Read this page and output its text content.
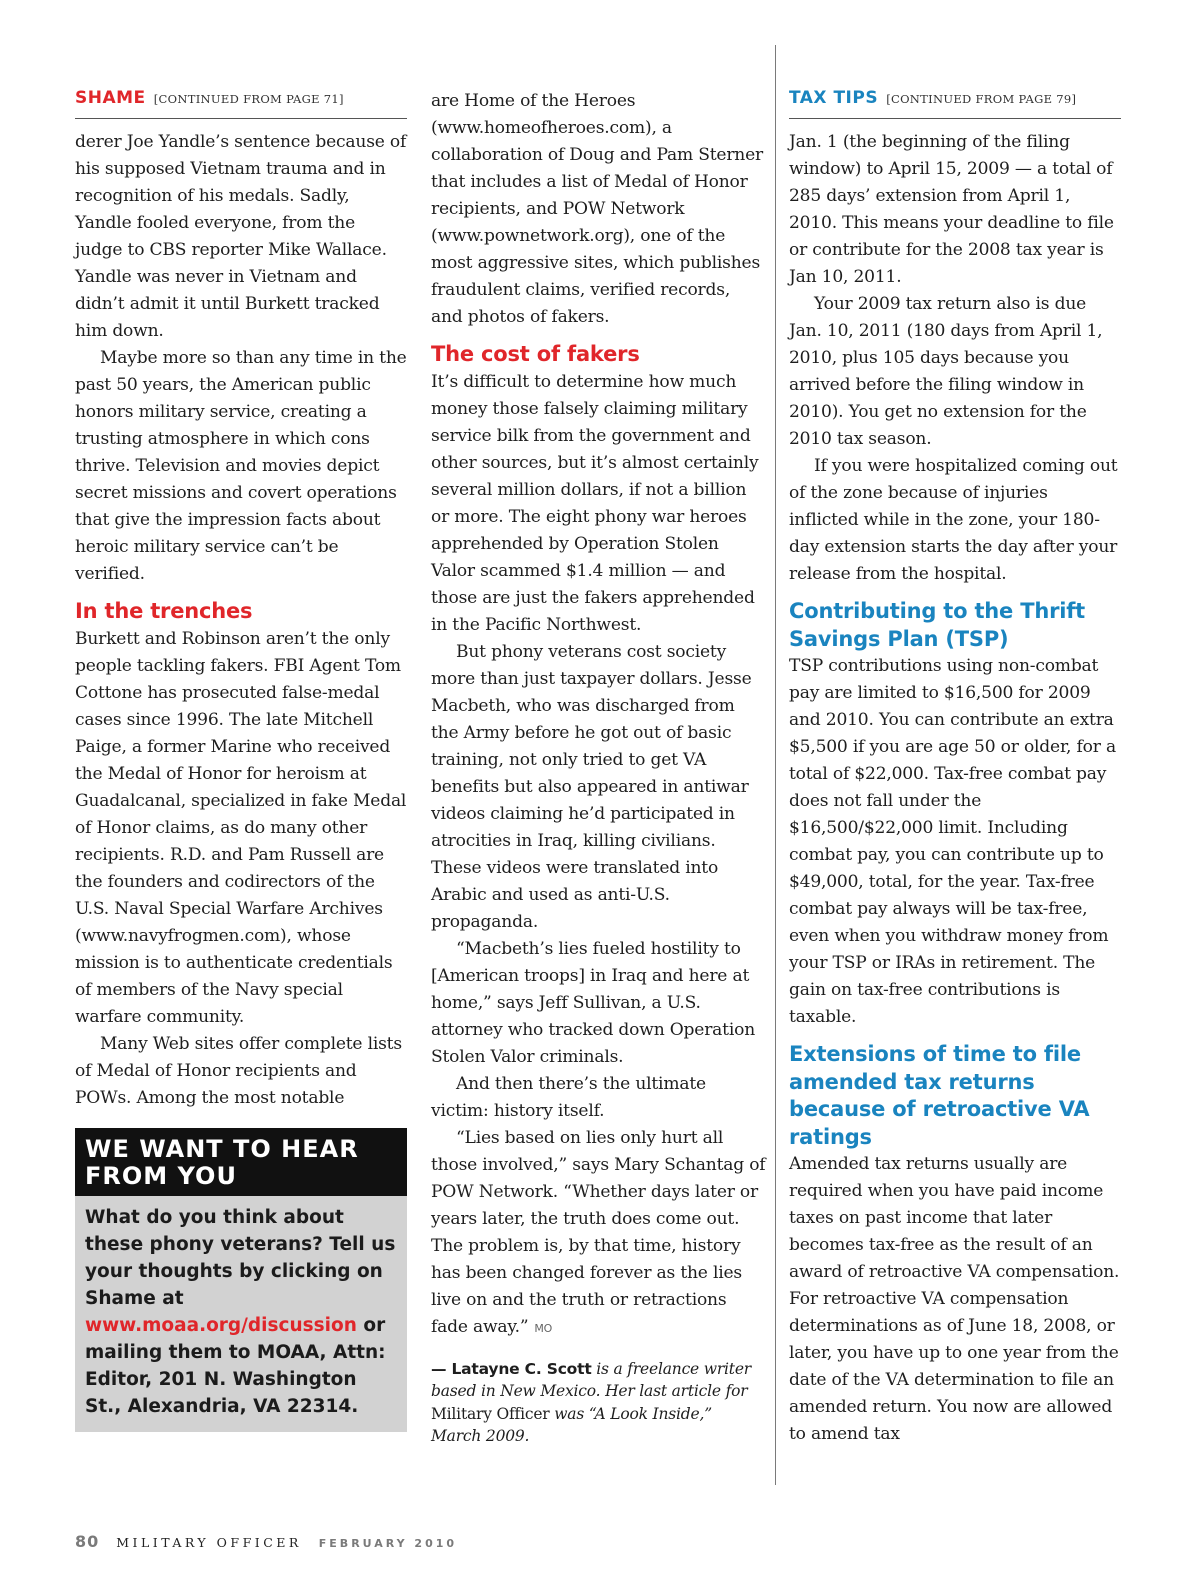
SHAME [CONTINUED FROM PAGE 71]

derer Joe Yandle’s sentence because of his supposed Vietnam trauma and in recognition of his medals. Sadly, Yandle fooled everyone, from the judge to CBS reporter Mike Wallace. Yandle was never in Vietnam and didn’t admit it until Burkett tracked him down.

Maybe more so than any time in the past 50 years, the American public honors military service, creating a trusting atmosphere in which cons thrive. Television and movies depict secret missions and covert operations that give the impression facts about heroic military service can’t be verified.

In the trenches

Burkett and Robinson aren’t the only people tackling fakers. FBI Agent Tom Cottone has prosecuted false-medal cases since 1996. The late Mitchell Paige, a former Marine who received the Medal of Honor for heroism at Guadalcanal, specialized in fake Medal of Honor claims, as do many other recipients. R.D. and Pam Russell are the founders and codirectors of the U.S. Naval Special Warfare Archives (www.navyfrogmen.com), whose mission is to authenticate credentials of members of the Navy special warfare community.

Many Web sites offer complete lists of Medal of Honor recipients and POWs. Among the most notable

WE WANT TO HEAR FROM YOU
What do you think about these phony veterans? Tell us your thoughts by clicking on Shame at www.moaa.org/discussion or mailing them to MOAA, Attn: Editor, 201 N. Washington St., Alexandria, VA 22314.

are Home of the Heroes (www.homeofheroes.com), a collaboration of Doug and Pam Sterner that includes a list of Medal of Honor recipients, and POW Network (www.pownetwork.org), one of the most aggressive sites, which publishes fraudulent claims, verified records, and photos of fakers.

The cost of fakers

It’s difficult to determine how much money those falsely claiming military service bilk from the government and other sources, but it’s almost certainly several million dollars, if not a billion or more. The eight phony war heroes apprehended by Operation Stolen Valor scammed $1.4 million — and those are just the fakers apprehended in the Pacific Northwest.

But phony veterans cost society more than just taxpayer dollars. Jesse Macbeth, who was discharged from the Army before he got out of basic training, not only tried to get VA benefits but also appeared in antiwar videos claiming he’d participated in atrocities in Iraq, killing civilians. These videos were translated into Arabic and used as anti-U.S. propaganda.

“Macbeth’s lies fueled hostility to [American troops] in Iraq and here at home,” says Jeff Sullivan, a U.S. attorney who tracked down Operation Stolen Valor criminals.

And then there’s the ultimate victim: history itself.

“Lies based on lies only hurt all those involved,” says Mary Schantag of POW Network. “Whether days later or years later, the truth does come out. The problem is, by that time, history has been changed forever as the lies live on and the truth or retractions fade away.” MO

— Latayne C. Scott is a freelance writer based in New Mexico. Her last article for Military Officer was “A Look Inside,” March 2009.
TAX TIPS [CONTINUED FROM PAGE 79]

Jan. 1 (the beginning of the filing window) to April 15, 2009 — a total of 285 days’ extension from April 1, 2010. This means your deadline to file or contribute for the 2008 tax year is Jan 10, 2011.

Your 2009 tax return also is due Jan. 10, 2011 (180 days from April 1, 2010, plus 105 days because you arrived before the filing window in 2010). You get no extension for the 2010 tax season.

If you were hospitalized coming out of the zone because of injuries inflicted while in the zone, your 180-day extension starts the day after your release from the hospital.

Contributing to the Thrift Savings Plan (TSP)

TSP contributions using non-combat pay are limited to $16,500 for 2009 and 2010. You can contribute an extra $5,500 if you are age 50 or older, for a total of $22,000. Tax-free combat pay does not fall under the $16,500/$22,000 limit. Including combat pay, you can contribute up to $49,000, total, for the year. Tax-free combat pay always will be tax-free, even when you withdraw money from your TSP or IRAs in retirement. The gain on tax-free contributions is taxable.

Extensions of time to file amended tax returns because of retroactive VA ratings

Amended tax returns usually are required when you have paid income taxes on past income that later becomes tax-free as the result of an award of retroactive VA compensation. For retroactive VA compensation determinations as of June 18, 2008, or later, you have up to one year from the date of the VA determination to file an amended return. You now are allowed to amend tax

80 MILITARY OFFICER FEBRUARY 2010
